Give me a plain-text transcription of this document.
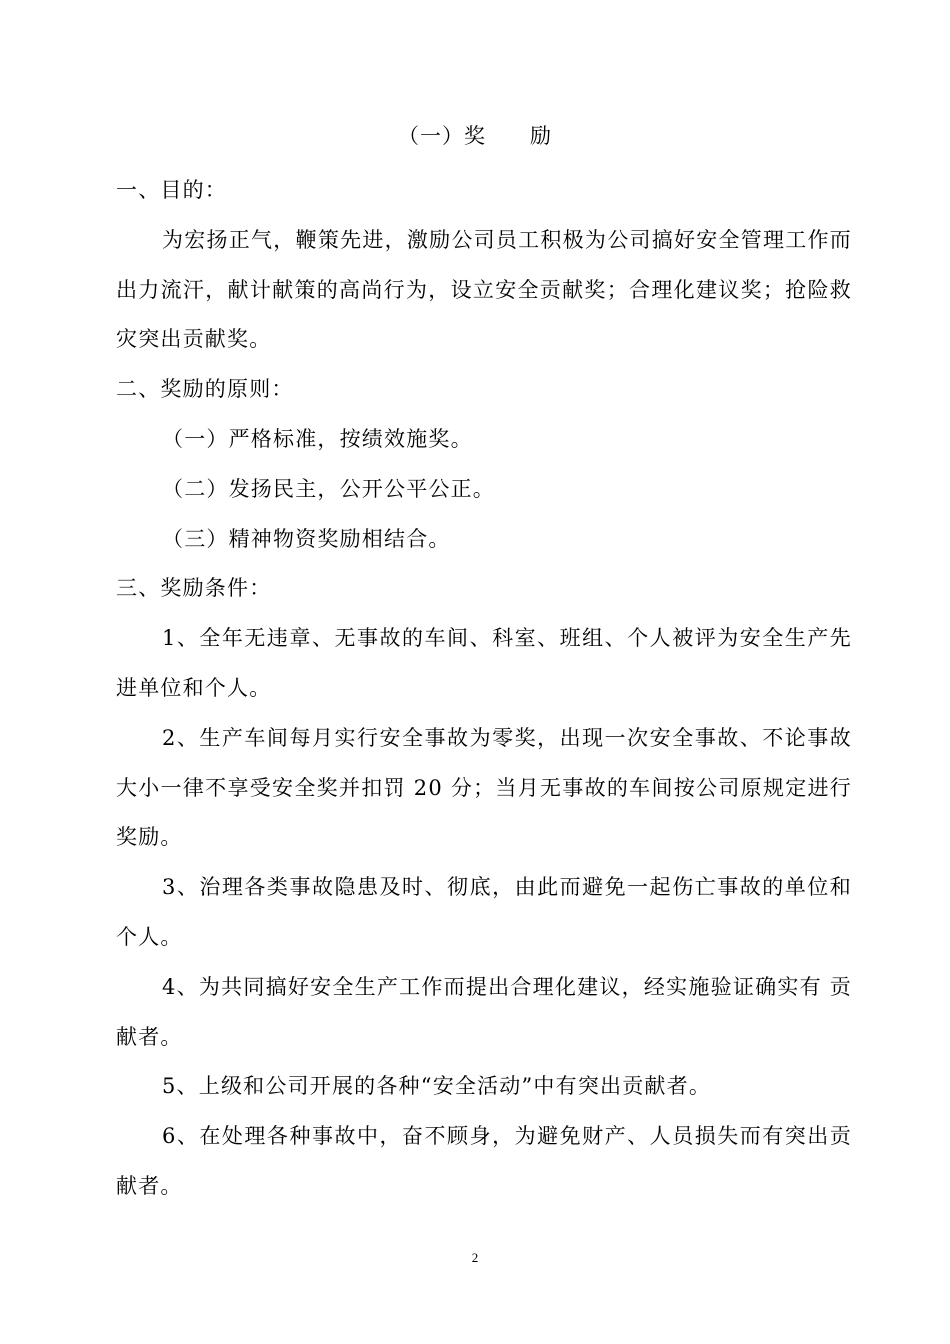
（一）奖　　励

一、目的：

为宏扬正气，鞭策先进，激励公司员工积极为公司搞好安全管理工作而出力流汗，献计献策的高尚行为，设立安全贡献奖；合理化建议奖；抢险救灾突出贡献奖。

二、奖励的原则：

（一）严格标准，按绩效施奖。

（二）发扬民主，公开公平公正。

（三）精神物资奖励相结合。

三、奖励条件：

1、全年无违章、无事故的车间、科室、班组、个人被评为安全生产先进单位和个人。

2、生产车间每月实行安全事故为零奖，出现一次安全事故、不论事故大小一律不享受安全奖并扣罚 20 分；当月无事故的车间按公司原规定进行奖励。

3、治理各类事故隐患及时、彻底，由此而避免一起伤亡事故的单位和个人。

4、为共同搞好安全生产工作而提出合理化建议，经实施验证确实有 贡献者。

5、上级和公司开展的各种“安全活动”中有突出贡献者。

6、在处理各种事故中，奋不顾身，为避免财产、人员损失而有突出贡献者。

2
